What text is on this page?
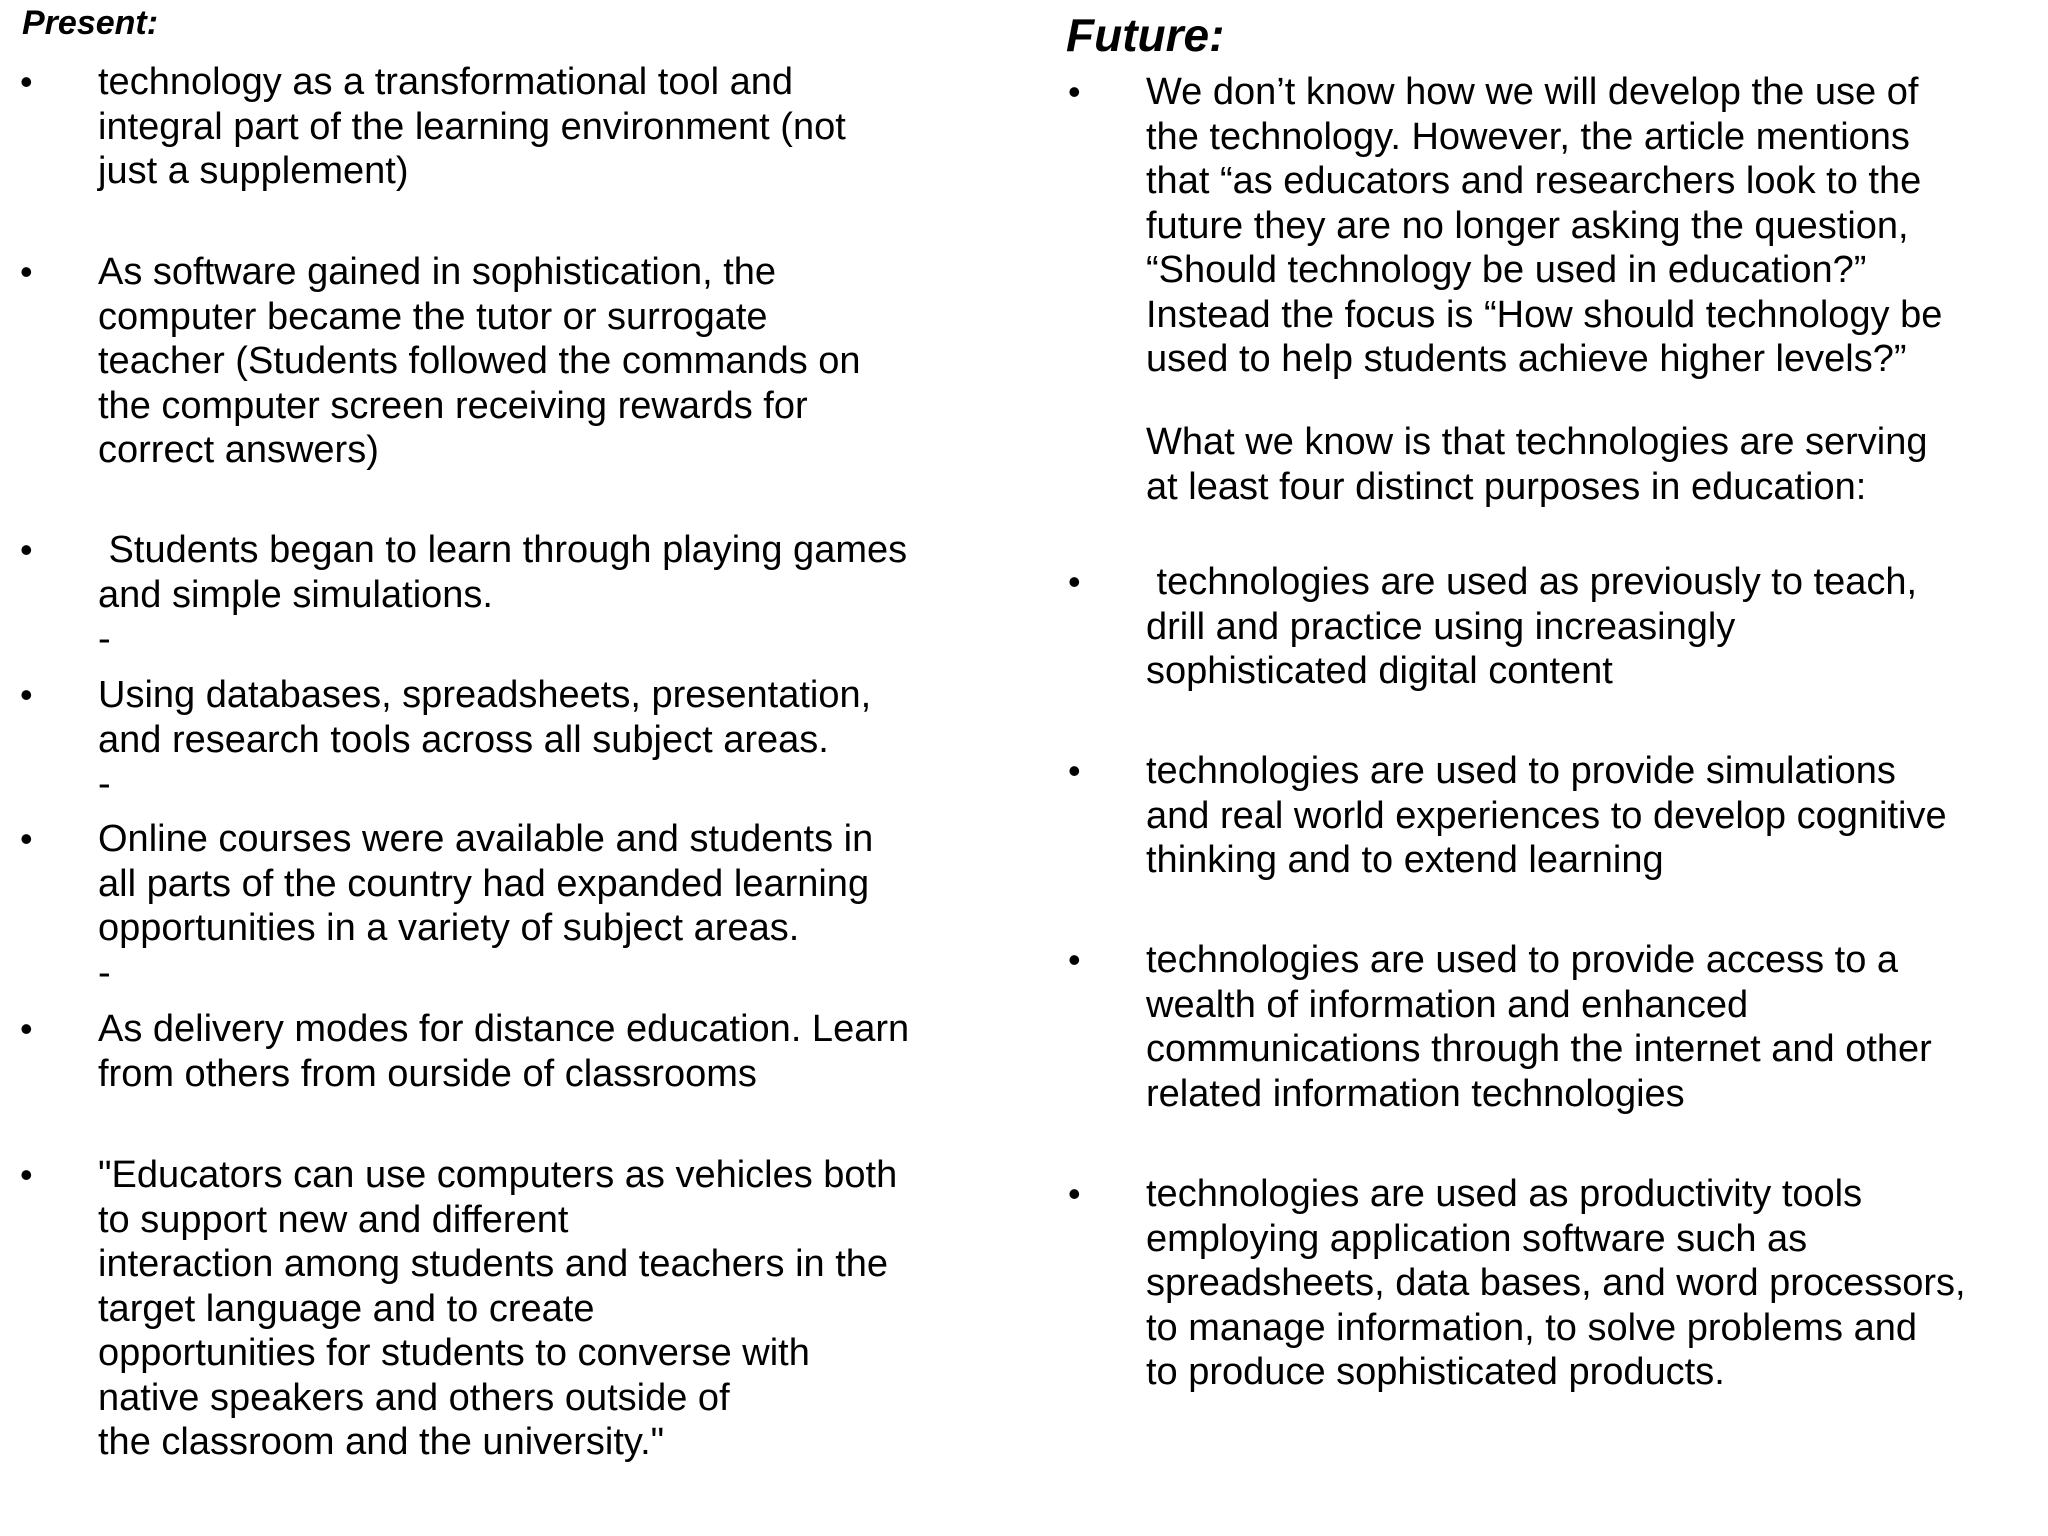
Present:
• technology as a transformational tool and
integral part of the learning environment (not
just a supplement)

• As software gained in sophistication, the
computer became the tutor or surrogate
teacher (Students followed the commands on
the computer screen receiving rewards for
correct answers)

• Students began to learn through playing games
and simple simulations.

-
• Using databases, spreadsheets, presentation,
and research tools across all subject areas.

-
• Online courses were available and students in
all parts of the country had expanded learning
opportunities in a variety of subject areas.

-
• As delivery modes for distance education. Learn
from others from ourside of classrooms

• "Educators can use computers as vehicles both
to support new and different
interaction among students and teachers in the
target language and to create
opportunities for students to converse with
native speakers and others outside of
the classroom and the university."

Future:
• We don’t know how we will develop the use of
the technology. However, the article mentions
that “as educators and researchers look to the
future they are no longer asking the question,
“Should technology be used in education?”
Instead the focus is “How should technology be
used to help students achieve higher levels?”

What we know is that technologies are serving
at least four distinct purposes in education:

• technologies are used as previously to teach,
drill and practice using increasingly
sophisticated digital content

• technologies are used to provide simulations
and real world experiences to develop cognitive
thinking and to extend learning

• technologies are used to provide access to a
wealth of information and enhanced
communications through the internet and other
related information technologies

• technologies are used as productivity tools
employing application software such as
spreadsheets, data bases, and word processors,
to manage information, to solve problems and
to produce sophisticated products.
